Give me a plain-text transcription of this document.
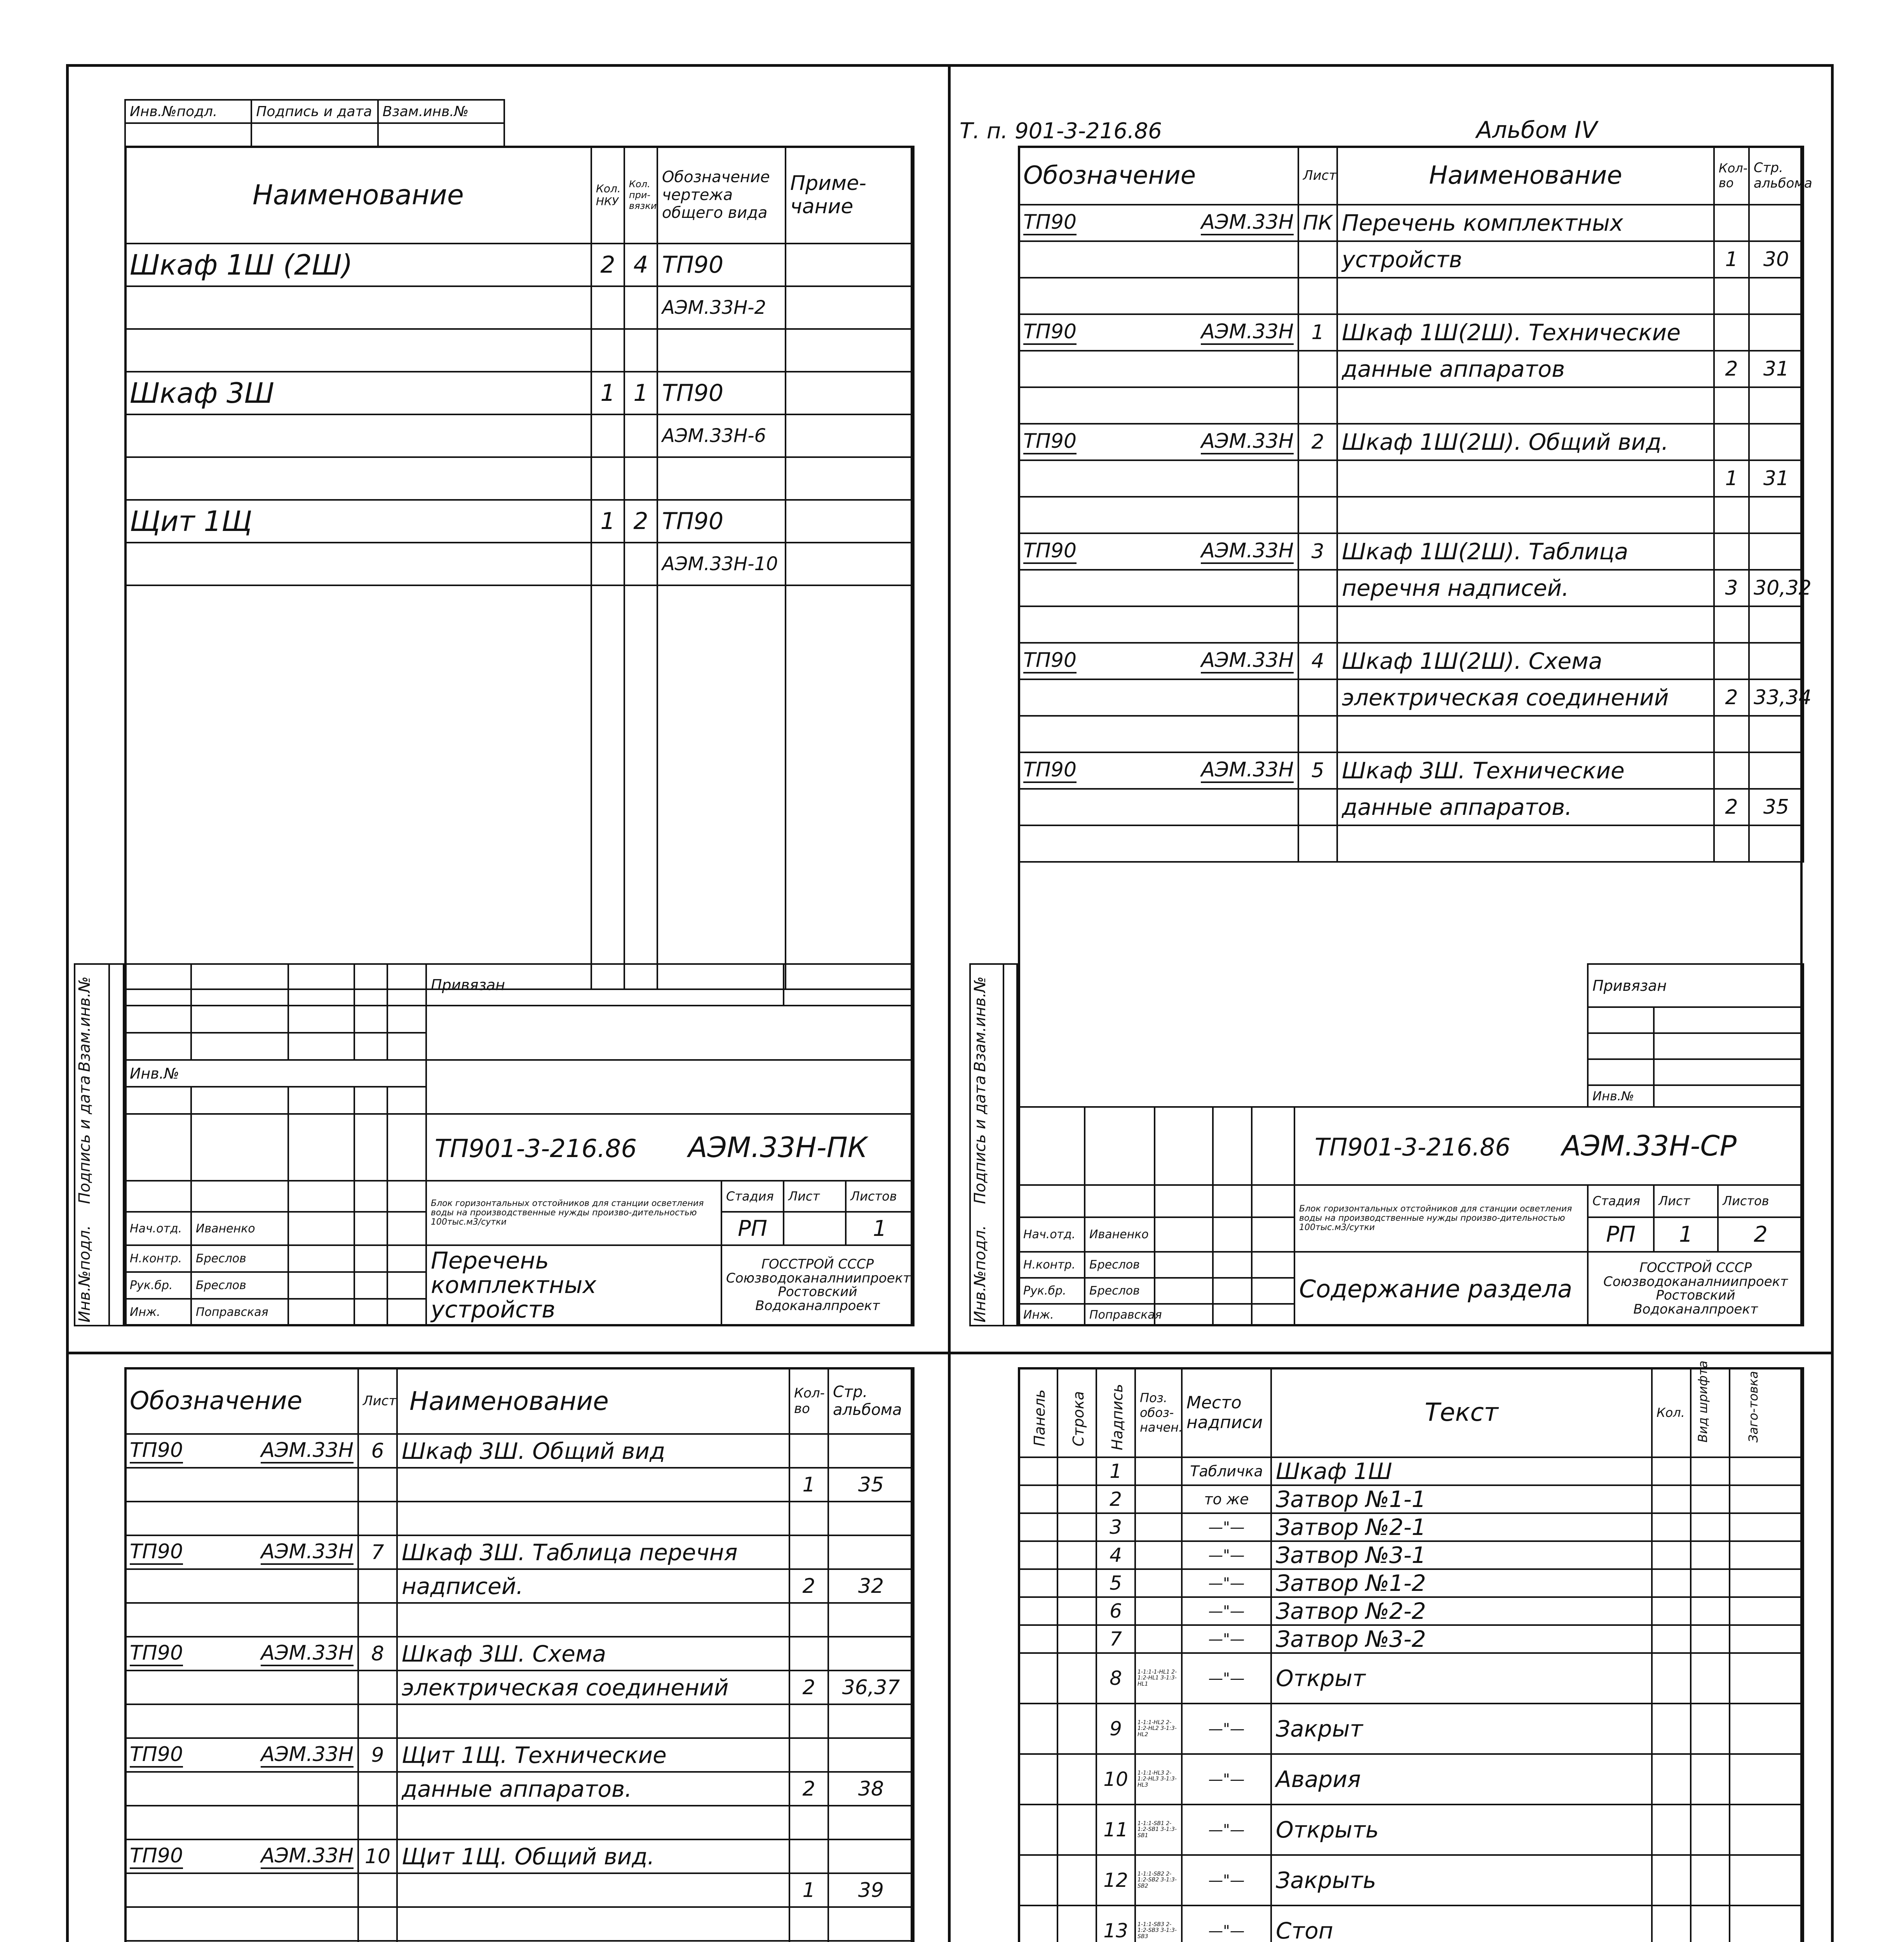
Инв.№подл.	Подпись и дата	Взам.инв.№

Т. п. 901-3-216.86	Альбом IV
Наименование	Кол. НКУ	Кол. при-вязки	Обозначение чертежа общего вида	Приме-чание
Шкаф 1Ш (2Ш)	2	4	ТП90	
			АЭМ.33Н-2	

Шкаф 3Ш	1	1	ТП90	
			АЭМ.33Н-6	

Щит 1Щ	1	2	ТП90	
			АЭМ.33Н-10	

					Привязан			

Инв.№								

					ТП901-3-216.86 АЭМ.33Н-ПК			
					Блок горизонтальных отстойников для станции осветления воды на производственные нужды произво-дительностью 100тыс.м3/сутки	Стадия	Лист	Листов
Нач.отд.	Иваненко					РП		1
Н.контр.	Бреслов				Перечень комплектных устройств	ГОССТРОЙ СССР Союзводоканалниипроект Ростовский Водоканалпроект		
Рук.бр.	Бреслов							
Инж.	Поправская							

Инв.№подл.
Подпись и дата
Взам.инв.№
Обозначение	Лист	Наименование	Кол-во	Стр. альбома
ТП90 АЭМ.33Н	ПК	Перечень комплектных		
		устройств	1	30

ТП90 АЭМ.33Н	1	Шкаф 1Ш(2Ш). Технические		
		данные аппаратов	2	31

ТП90 АЭМ.33Н	2	Шкаф 1Ш(2Ш). Общий вид.		
			1	31

ТП90 АЭМ.33Н	3	Шкаф 1Ш(2Ш). Таблица		
		перечня надписей.	3	30,32

ТП90 АЭМ.33Н	4	Шкаф 1Ш(2Ш). Схема		
		электрическая соединений	2	33,34

ТП90 АЭМ.33Н	5	Шкаф 3Ш. Технические		
		данные аппаратов.	2	35

						Привязан		

						Инв.№		
					ТП901-3-216.86 АЭМ.33Н-СР			
					Блок горизонтальных отстойников для станции осветления воды на производственные нужды произво-дительностью 100тыс.м3/сутки	Стадия	Лист	Листов
Нач.отд.	Иваненко					РП	1	2
Н.контр.	Бреслов				Содержание раздела	ГОССТРОЙ СССР Союзводоканалниипроект Ростовский Водоканалпроект		
Рук.бр.	Бреслов							
Инж.	Поправская							

Инв.№подл.
Подпись и дата
Взам.инв.№
Обозначение	Лист	Наименование	Кол-во	Стр. альбома
ТП90 АЭМ.33Н	6	Шкаф 3Ш. Общий вид		
			1	35

ТП90 АЭМ.33Н	7	Шкаф 3Ш. Таблица перечня		
		надписей.	2	32

ТП90 АЭМ.33Н	8	Шкаф 3Ш. Схема		
		электрическая соединений	2	36,37

ТП90 АЭМ.33Н	9	Щит 1Щ. Технические		
		данные аппаратов.	2	38

ТП90 АЭМ.33Н	10	Щит 1Щ. Общий вид.		
			1	39

Панель	Строка	Надпись	Поз. обоз-начен.	Место надписи	Текст	Кол.	Вид шрифта	Заго-товка
		1		Табличка	Шкаф 1Ш			
		2		то же	Затвор №1-1			
		3		—"—	Затвор №2-1			
		4		—"—	Затвор №3-1			
		5		—"—	Затвор №1-2			
		6		—"—	Затвор №2-2			
		7		—"—	Затвор №3-2			
		8	1-1:1-1-HL1 2-1:2-HL1 3-1:3-HL1	—"—	Открыт			
		9	1-1:1-HL2 2-1:2-HL2 3-1:3-HL2	—"—	Закрыт			
		10	1-1:1-HL3 2-1:2-HL3 3-1:3-HL3	—"—	Авария			
		11	1-1:1-SB1 2-1:2-SB1 3-1:3-SB1	—"—	Открыть			
		12	1-1:1-SB2 2-1:2-SB2 3-1:3-SB2	—"—	Закрыть			
		13	1-1:1-SB3 2-1:2-SB3 3-1:3-SB3	—"—	Стоп			
